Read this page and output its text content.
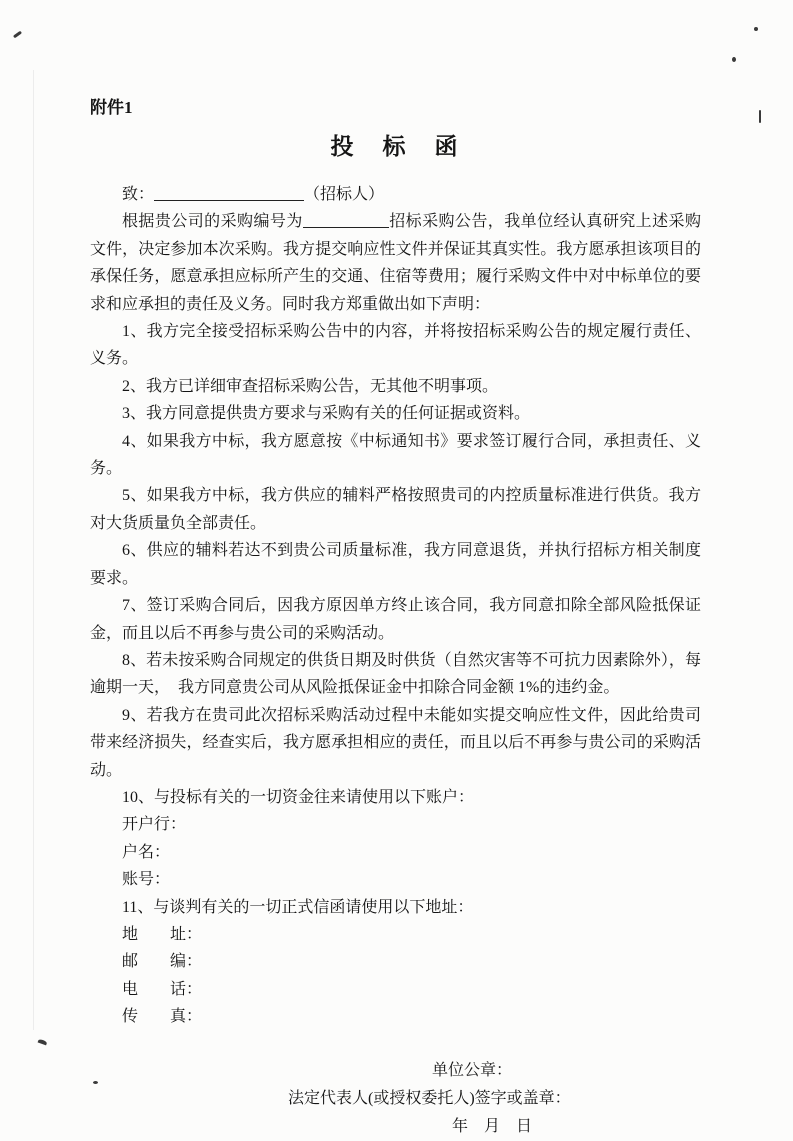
附件1
投　标　函

致：	（招标人）

根据贵公司的采购编号为	招标采购公告，我单位经认真研究上述采购文件，决定参加本次采购。我方提交响应性文件并保证其真实性。我方愿承担该项目的承保任务，愿意承担应标所产生的交通、住宿等费用；履行采购文件中对中标单位的要求和应承担的责任及义务。同时我方郑重做出如下声明：

1、我方完全接受招标采购公告中的内容，并将按招标采购公告的规定履行责任、义务。

2、我方已详细审查招标采购公告，无其他不明事项。

3、我方同意提供贵方要求与采购有关的任何证据或资料。

4、如果我方中标，我方愿意按《中标通知书》要求签订履行合同，承担责任、义务。

5、如果我方中标，我方供应的辅料严格按照贵司的内控质量标准进行供货。我方对大货质量负全部责任。

6、供应的辅料若达不到贵公司质量标准，我方同意退货，并执行招标方相关制度要求。

7、签订采购合同后，因我方原因单方终止该合同，我方同意扣除全部风险抵保证金，而且以后不再参与贵公司的采购活动。

8、若未按采购合同规定的供货日期及时供货（自然灾害等不可抗力因素除外），每逾期一天，　我方同意贵公司从风险抵保证金中扣除合同金额 1%的违约金。

9、若我方在贵司此次招标采购活动过程中未能如实提交响应性文件，因此给贵司带来经济损失，经查实后，我方愿承担相应的责任，而且以后不再参与贵公司的采购活动。

10、与投标有关的一切资金往来请使用以下账户：

开户行：

户名：

账号：

11、与谈判有关的一切正式信函请使用以下地址：

地　　址：

邮　　编：

电　　话：

传　　真：

单位公章：

法定代表人(或授权委托人)签字或盖章：

年　月　日
